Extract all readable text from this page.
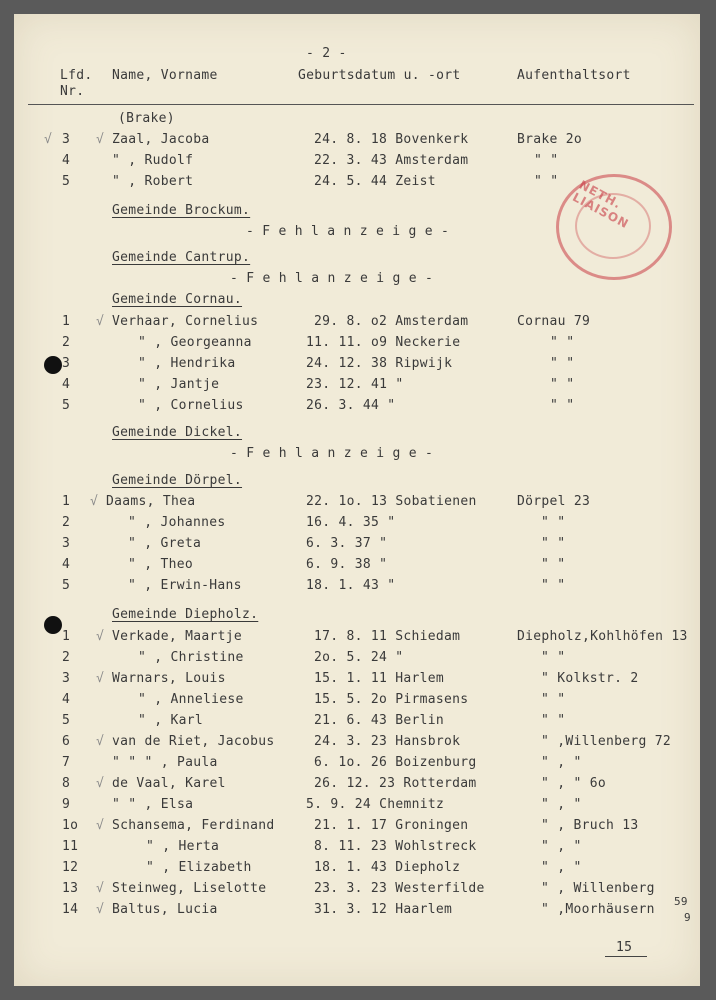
- 2 -
Lfd.
Nr.
Name, Vorname	Geburtsdatum u. -ort	Aufenthaltsort
NETH. LIAISON
(Brake)
√ 3 √ Zaal, Jacoba	24. 8. 18 Bovenkerk	Brake 2o
4	" , Rudolf	22. 3. 43 Amsterdam	" "
5	" , Robert	24. 5. 44 Zeist	" "
Gemeinde Brockum.
- F e h l a n z e i g e -
Gemeinde Cantrup.
- F e h l a n z e i g e -
Gemeinde Cornau.
1 √ Verhaar, Cornelius	29. 8. o2 Amsterdam	Cornau 79
2	" , Georgeanna	11. 11. o9 Neckerie	" "
3	" , Hendrika	24. 12. 38 Ripwijk	" "
4	" , Jantje	23. 12. 41 "	" "
5	" , Cornelius	26. 3. 44 "	" "
Gemeinde Dickel.
- F e h l a n z e i g e -
Gemeinde Dörpel.
1 √ Daams, Thea	22. 1o. 13 Sobatienen	Dörpel 23
2	" , Johannes	16. 4. 35 "	" "
3	" , Greta	6. 3. 37 "	" "
4	" , Theo	6. 9. 38 "	" "
5	" , Erwin-Hans	18. 1. 43 "	" "
Gemeinde Diepholz.
1 √ Verkade, Maartje	17. 8. 11 Schiedam	Diepholz,Kohlhöfen 13
2	" , Christine	2o. 5. 24 "	" "
3 √ Warnars, Louis	15. 1. 11 Harlem	" Kolkstr. 2
4	" , Anneliese	15. 5. 2o Pirmasens	" "
5	" , Karl	21. 6. 43 Berlin	" "
6 √ van de Riet, Jacobus	24. 3. 23 Hansbrok	" ,Willenberg 72
7	" " " , Paula	6. 1o. 26 Boizenburg	" , "
8 √ de Vaal, Karel	26. 12. 23 Rotterdam	" , " 6o
9	" " , Elsa	5. 9. 24 Chemnitz	" , "
1o √ Schansema, Ferdinand	21. 1. 17 Groningen	" , Bruch 13
11	" , Herta	8. 11. 23 Wohlstreck	" , "
12	" , Elizabeth	18. 1. 43 Diepholz	" , "
13 √ Steinweg, Liselotte	23. 3. 23 Westerfilde	" , Willenberg
14 √ Baltus, Lucia	31. 3. 12 Haarlem	" ,Moorhäusern
59
9
15
